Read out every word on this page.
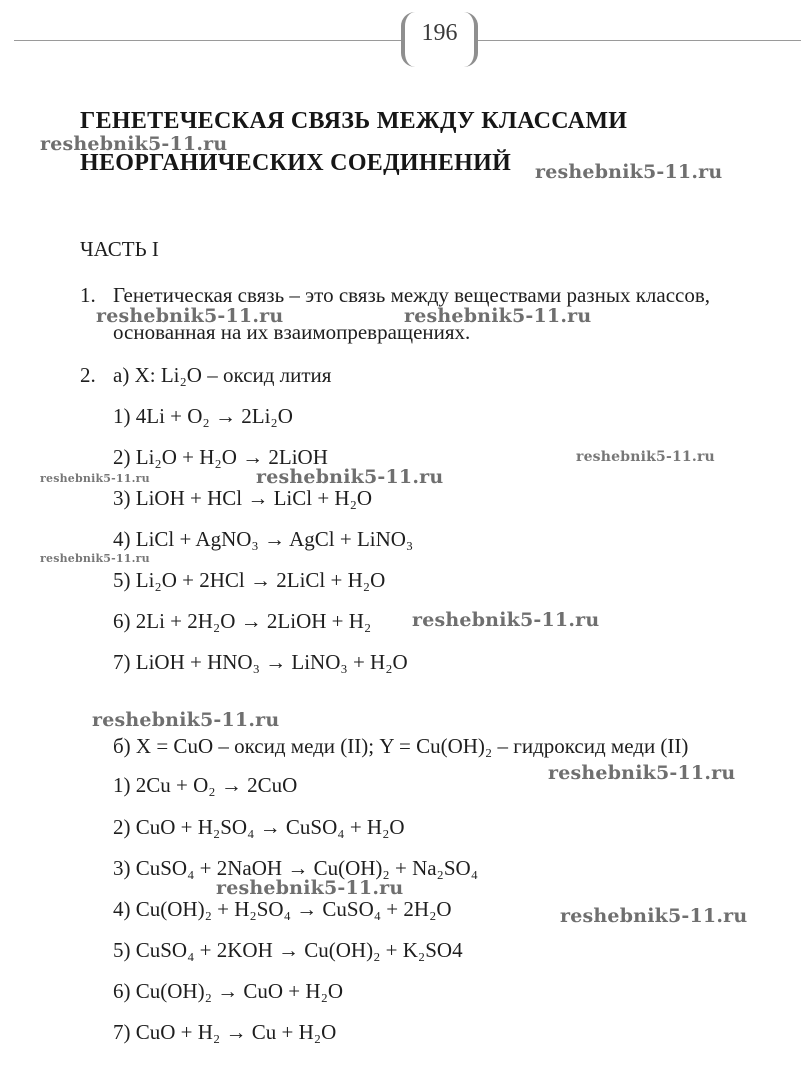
196
ГЕНЕТЕЧЕСКАЯ СВЯЗЬ МЕЖДУ КЛАССАМИ
НЕОРГАНИЧЕСКИХ СОЕДИНЕНИЙ
ЧАСТЬ I
1. Генетическая связь – это связь между веществами разных классов,
основанная на их взаимопревращениях.
2. а) X: Li₂O – оксид лития
1) 4Li + O₂ → 2Li₂O
2) Li₂O + H₂O → 2LiOH
3) LiOH + HCl → LiCl + H₂O
4) LiCl + AgNO₃ → AgCl + LiNO₃
5) Li₂O + 2HCl → 2LiCl + H₂O
6) 2Li + 2H₂O → 2LiOH + H₂
7) LiOH + HNO₃ → LiNO₃ + H₂O
б) X = CuO – оксид меди (II); Y = Cu(OH)₂ – гидроксид меди (II)
1) 2Cu + O₂ → 2CuO
2) CuO + H₂SO₄ → CuSO₄ + H₂O
3) CuSO₄ + 2NaOH → Cu(OH)₂ + Na₂SO₄
4) Cu(OH)₂ + H₂SO₄ → CuSO₄ + 2H₂O
5) CuSO₄ + 2KOH → Cu(OH)₂ + K₂SO4
6) Cu(OH)₂ → CuO + H₂O
7) CuO + H₂ → Cu + H₂O
reshebnik5-11.ru
reshebnik5-11.ru
reshebnik5-11.ru	reshebnik5-11.ru
reshebnik5-11.ru
reshebnik5-11.ru	reshebnik5-11.ru
reshebnik5-11.ru
reshebnik5-11.ru
reshebnik5-11.ru
reshebnik5-11.ru
reshebnik5-11.ru
reshebnik5-11.ru
